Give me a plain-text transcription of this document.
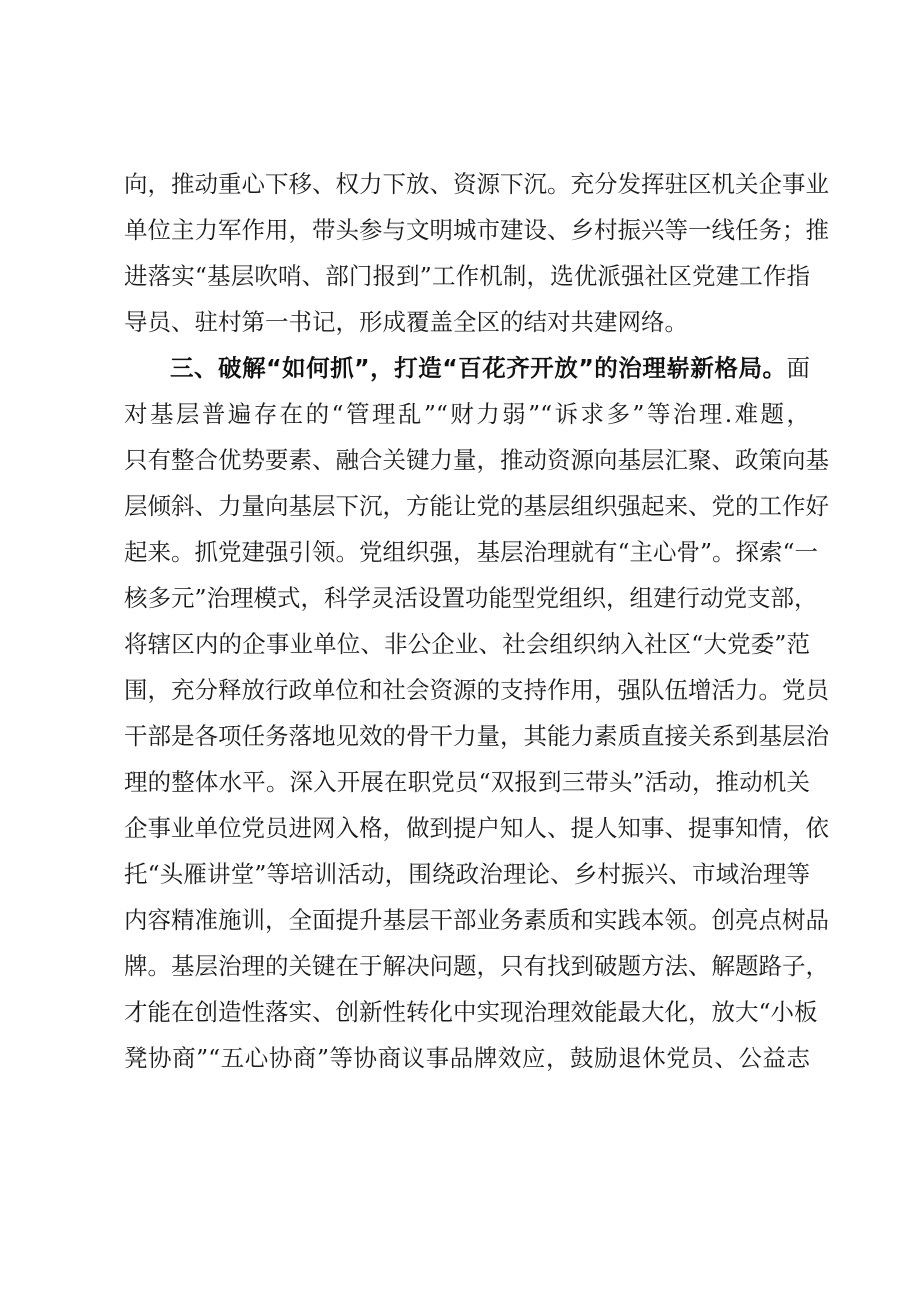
向，推动重心下移、权力下放、资源下沉。充分发挥驻区机关企事业
单位主力军作用，带头参与文明城市建设、乡村振兴等一线任务；推
进落实“基层吹哨、部门报到”工作机制，选优派强社区党建工作指
导员、驻村第一书记，形成覆盖全区的结对共建网络。
三、破解“如何抓”，打造“百花齐开放”的治理崭新格局。面
对基层普遍存在的“管理乱”“财力弱”“诉求多”等治理.难题，
只有整合优势要素、融合关键力量，推动资源向基层汇聚、政策向基
层倾斜、力量向基层下沉，方能让党的基层组织强起来、党的工作好
起来。抓党建强引领。党组织强，基层治理就有“主心骨”。探索“一
核多元”治理模式，科学灵活设置功能型党组织，组建行动党支部，
将辖区内的企事业单位、非公企业、社会组织纳入社区“大党委”范
围，充分释放行政单位和社会资源的支持作用，强队伍增活力。党员
干部是各项任务落地见效的骨干力量，其能力素质直接关系到基层治
理的整体水平。深入开展在职党员“双报到三带头”活动，推动机关
企事业单位党员进网入格，做到提户知人、提人知事、提事知情，依
托“头雁讲堂”等培训活动，围绕政治理论、乡村振兴、市域治理等
内容精准施训，全面提升基层干部业务素质和实践本领。创亮点树品
牌。基层治理的关键在于解决问题，只有找到破题方法、解题路子，
才能在创造性落实、创新性转化中实现治理效能最大化，放大“小板
凳协商”“五心协商”等协商议事品牌效应，鼓励退休党员、公益志
